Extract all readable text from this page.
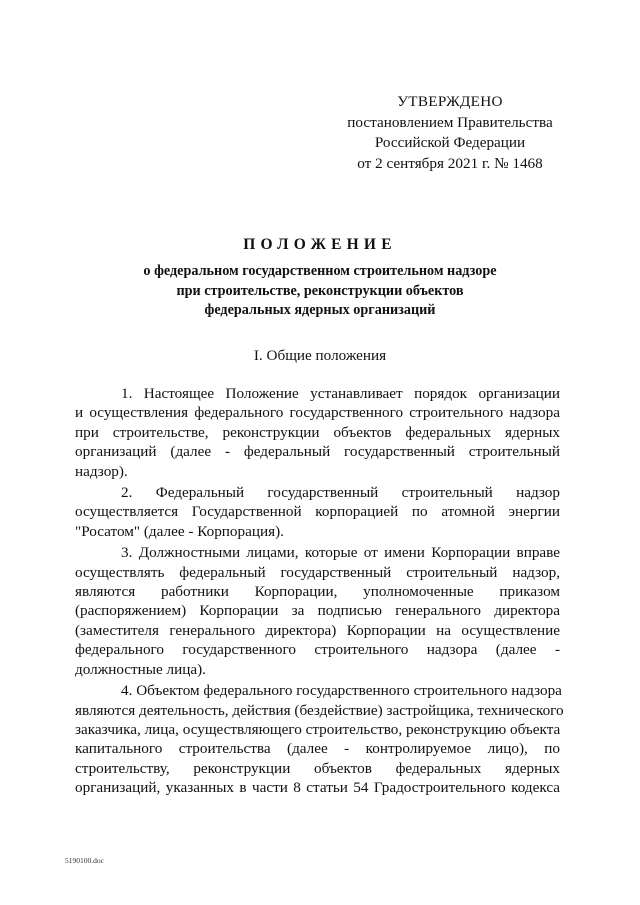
УТВЕРЖДЕНО
постановлением Правительства
Российской Федерации
от 2 сентября 2021 г. № 1468
ПОЛОЖЕНИЕ
о федеральном государственном строительном надзоре
при строительстве, реконструкции объектов
федеральных ядерных организаций
I. Общие положения
1. Настоящее Положение устанавливает порядок организации
и осуществления федерального государственного строительного надзора
при строительстве, реконструкции объектов федеральных ядерных
организаций (далее - федеральный государственный строительный
надзор).
2. Федеральный государственный строительный надзор
осуществляется Государственной корпорацией по атомной энергии
"Росатом" (далее - Корпорация).
3. Должностными лицами, которые от имени Корпорации вправе
осуществлять федеральный государственный строительный надзор,
являются работники Корпорации, уполномоченные приказом
(распоряжением) Корпорации за подписью генерального директора
(заместителя генерального директора) Корпорации на осуществление
федерального государственного строительного надзора (далее -
должностные лица).
4. Объектом федерального государственного строительного надзора
являются деятельность, действия (бездействие) застройщика, технического
заказчика, лица, осуществляющего строительство, реконструкцию объекта
капитального строительства (далее - контролируемое лицо), по
строительству, реконструкции объектов федеральных ядерных
организаций, указанных в части 8 статьи 54 Градостроительного кодекса
5190100.doc
